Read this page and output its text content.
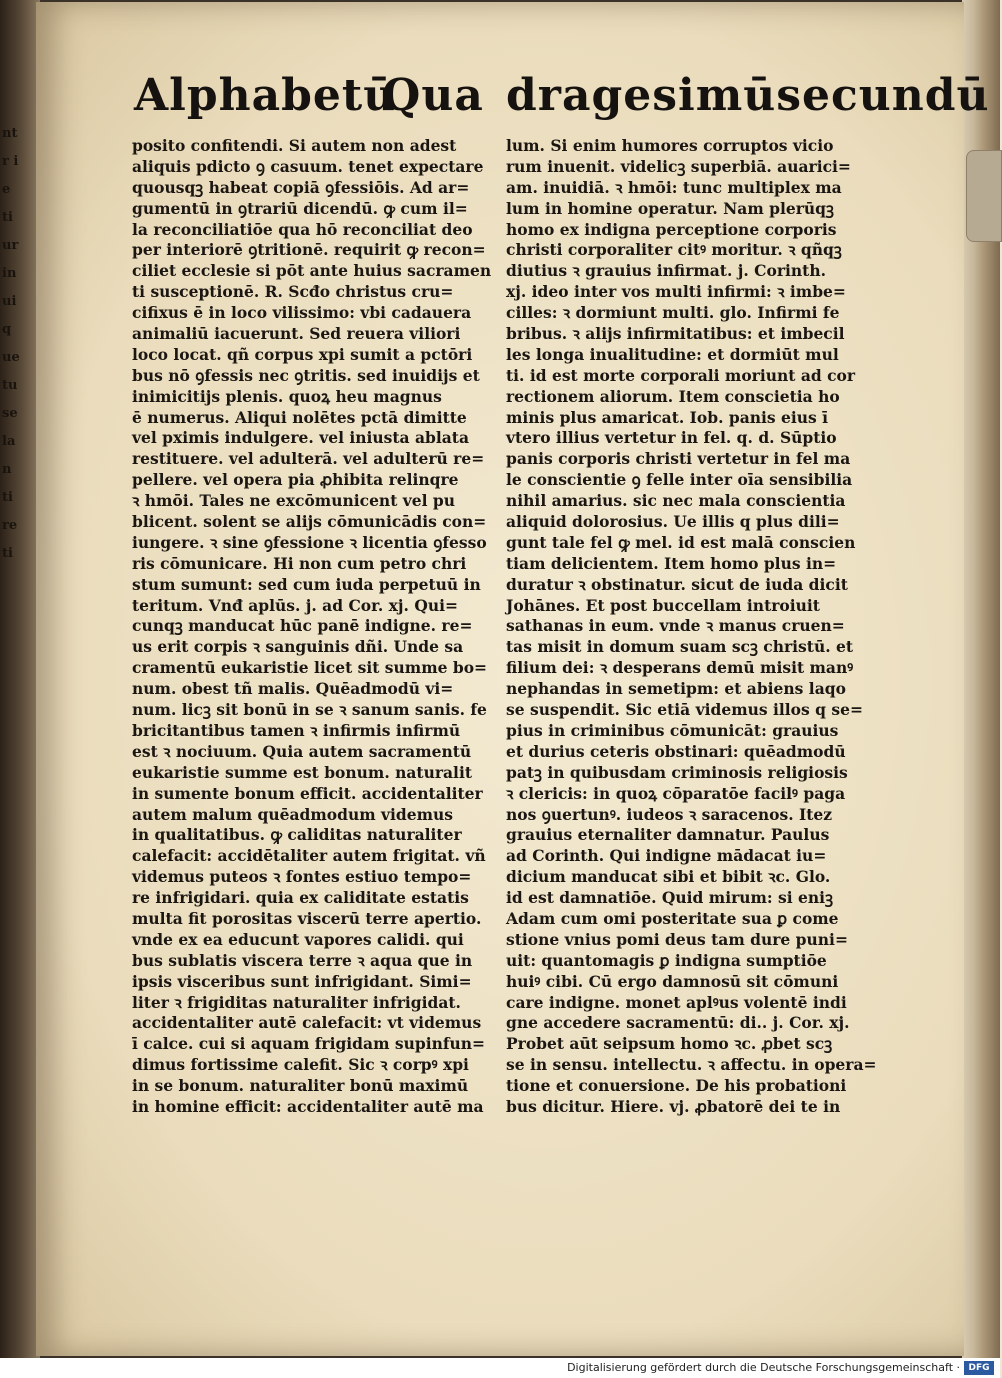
ntr ie ti ur in ui que tu se la n ti re ti
Alphabetū
Qua dragesimūsecundū
posito confitendi. Si autem non adest
aliquis pdicto ꝯ casuum. tenet expectare
quousqꝫ habeat copiā ꝯfessiōis. Ad ar=
gumentū in ꝯtrariū dicendū. ꝙ cum il=
la reconciliatiōe qua hō reconciliat deo
per interiorē ꝯtritionē. requirit ꝙ recon=
ciliet ecclesie si pōt ante huius sacramen
ti susceptionē. R. Scđo christus cru=
cifixus ē in loco vilissimo: vbi cadauera
animaliū iacuerunt. Sed reuera viliori
loco locat. qñ corpus xpi sumit a pctōri
bus nō ꝯfessis nec ꝯtritis. sed inuidijs et
inimicitijs plenis. quoꝝ heu magnus
ē numerus. Aliqui nolētes pctā dimitte
vel pximis indulgere. vel iniusta ablata
restituere. vel adulterā. vel adulterū re=
pellere. vel opera pia ꝓhibita relinqre
ꝛ hmōi. Tales ne excōmunicent vel pu
blicent. solent se alijs cōmunicādis con=
iungere. ꝛ sine ꝯfessione ꝛ licentia ꝯfesso
ris cōmunicare. Hi non cum petro chri
stum sumunt: sed cum iuda perpetuū in
teritum. Vnđ aplūs. j. ad Cor. xj. Qui=
cunqꝫ manducat hūc panē indigne. re=
us erit corpis ꝛ sanguinis dñi. Unde sa
cramentū eukaristie licet sit summe bo=
num. obest tñ malis. Quēadmodū vi=
num. licꝫ sit bonū in se ꝛ sanum sanis. fe
bricitantibus tamen ꝛ infirmis infirmū
est ꝛ nociuum. Quia autem sacramentū
eukaristie summe est bonum. naturalit
in sumente bonum efficit. accidentaliter
autem malum quēadmodum videmus
in qualitatibus. ꝙ caliditas naturaliter
calefacit: accidētaliter autem frigitat. vñ
videmus puteos ꝛ fontes estiuo tempo=
re infrigidari. quia ex caliditate estatis
multa fit porositas viscerū terre apertio.
vnde ex ea educunt vapores calidi. qui
bus sublatis viscera terre ꝛ aqua que in
ipsis visceribus sunt infrigidant. Simi=
liter ꝛ frigiditas naturaliter infrigidat.
accidentaliter autē calefacit: vt videmus
ī calce. cui si aquam frigidam supinfun=
dimus fortissime calefit. Sic ꝛ corpꝰ xpi
in se bonum. naturaliter bonū maximū
in homine efficit: accidentaliter autē ma
lum. Si enim humores corruptos vicio
rum inuenit. videlicꝫ superbiā. auarici=
am. inuidiā. ꝛ hmōi: tunc multiplex ma
lum in homine operatur. Nam plerūqꝫ
homo ex indigna perceptione corporis
christi corporaliter citꝰ moritur. ꝛ qñqꝫ
diutius ꝛ grauius infirmat. j. Corinth.
xj. ideo inter vos multi infirmi: ꝛ imbe=
cilles: ꝛ dormiunt multi. glo. Infirmi fe
bribus. ꝛ alijs infirmitatibus: et imbecil
les longa inualitudine: et dormiūt mul
ti. id est morte corporali moriunt ad cor
rectionem aliorum. Item conscietia ho
minis plus amaricat. Iob. panis eius ī
vtero illius vertetur in fel. q. d. Sūptio
panis corporis christi vertetur in fel ma
le conscientie ꝯ felle inter oīa sensibilia
nihil amarius. sic nec mala conscientia
aliquid dolorosius. Ue illis q plus dili=
gunt tale fel ꝙ mel. id est malā conscien
tiam delicientem. Item homo plus in=
duratur ꝛ obstinatur. sicut de iuda dicit
Johānes. Et post buccellam introiuit
sathanas in eum. vnde ꝛ manus cruen=
tas misit in domum suam scꝫ christū. et
filium dei: ꝛ desperans demū misit manꝰ
nephandas in semetipm: et abiens laqo
se suspendit. Sic etiā videmus illos q se=
pius in criminibus cōmunicāt: grauius
et durius ceteris obstinari: quēadmodū
patꝫ in quibusdam criminosis religiosis
ꝛ clericis: in quoꝝ cōparatōe facilꝰ paga
nos ꝯuertunꝰ. iudeos ꝛ saracenos. Itez
grauius eternaliter damnatur. Paulus
ad Corinth. Qui indigne mādacat iu=
dicium manducat sibi et bibit ꝛc. Glo.
id est damnatiōe. Quid mirum: si eniꝫ
Adam cum omi posteritate sua ꝑ come
stione vnius pomi deus tam dure puni=
uit: quantomagis ꝑ indigna sumptiōe
huiꝰ cibi. Cū ergo damnosū sit cōmuni
care indigne. monet aplꝰus volentē indi
gne accedere sacramentū: di.. j. Cor. xj.
Probet aūt seipsum homo ꝛc. ꝓbet scꝫ
se in sensu. intellectu. ꝛ affectu. in opera=
tione et conuersione. De his probationi
bus dicitur. Hiere. vj. ꝓbatorē dei te in
Digitalisierung gefördert durch die Deutsche Forschungsgemeinschaft · DFG
